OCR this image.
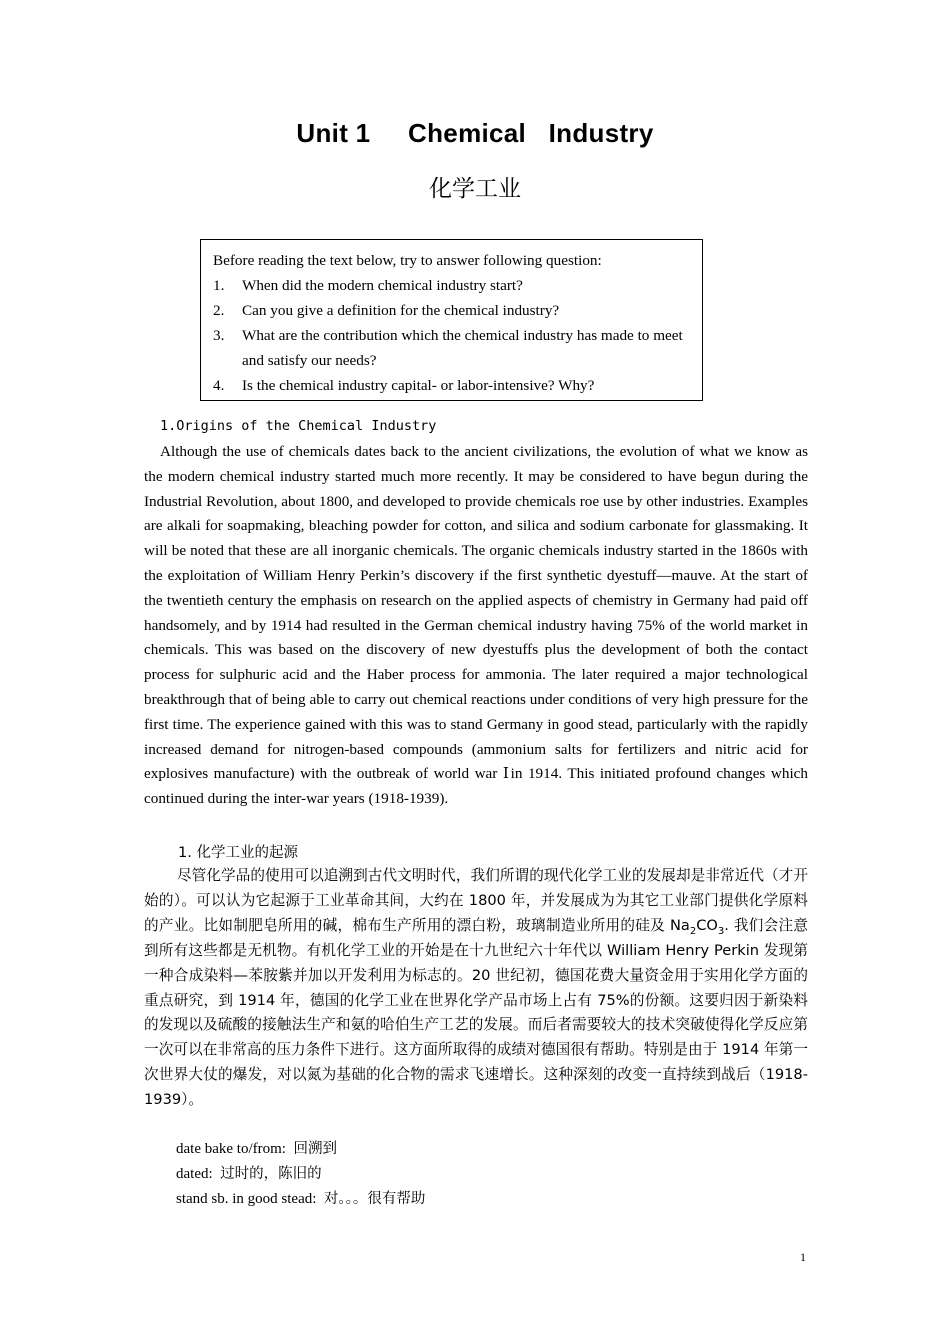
Unit 1     Chemical   Industry
化学工业
Before reading the text below, try to answer following question:
1. When did the modern chemical industry start?
2. Can you give a definition for the chemical industry?
3. What are the contribution which the chemical industry has made to meet and satisfy our needs?
4. Is the chemical industry capital- or labor-intensive? Why?
1.Origins of the Chemical Industry

Although the use of chemicals dates back to the ancient civilizations, the evolution of what we know as the modern chemical industry started much more recently. It may be considered to have begun during the Industrial Revolution, about 1800, and developed to provide chemicals roe use by other industries. Examples are alkali for soapmaking, bleaching powder for cotton, and silica and sodium carbonate for glassmaking. It will be noted that these are all inorganic chemicals. The organic chemicals industry started in the 1860s with the exploitation of William Henry Perkin’s discovery if the first synthetic dyestuff—mauve. At the start of the twentieth century the emphasis on research on the applied aspects of chemistry in Germany had paid off handsomely, and by 1914 had resulted in the German chemical industry having 75% of the world market in chemicals. This was based on the discovery of new dyestuffs plus the development of both the contact process for sulphuric acid and the Haber process for ammonia. The later required a major technological breakthrough that of being able to carry out chemical reactions under conditions of very high pressure for the first time. The experience gained with this was to stand Germany in good stead, particularly with the rapidly increased demand for nitrogen-based compounds (ammonium salts for fertilizers and nitric acid for explosives manufacture) with the outbreak of world war Ⅰin 1914. This initiated profound changes which continued during the inter-war years (1918-1939).

1. 化学工业的起源

尽管化学品的使用可以追溯到古代文明时代，我们所谓的现代化学工业的发展却是非常近代（才开始的）。可以认为它起源于工业革命其间，大约在 1800 年，并发展成为为其它工业部门提供化学原料的产业。比如制肥皂所用的碱，棉布生产所用的漂白粉，玻璃制造业所用的硅及 $Na_2CO_3$. 我们会注意到所有这些都是无机物。有机化学工业的开始是在十九世纪六十年代以 William Henry Perkin 发现第一种合成染料—苯胺紫并加以开发利用为标志的。20 世纪初，德国花费大量资金用于实用化学方面的重点研究，到 1914 年，德国的化学工业在世界化学产品市场上占有 75%的份额。这要归因于新染料的发现以及硫酸的接触法生产和氨的哈伯生产工艺的发展。而后者需要较大的技术突破使得化学反应第一次可以在非常高的压力条件下进行。这方面所取得的成绩对德国很有帮助。特别是由于 1914 年第一次世界大仗的爆发，对以氮为基础的化合物的需求飞速增长。这种深刻的改变一直持续到战后（1918-1939）。

date bake to/from: 回溯到
dated: 过时的，陈旧的
stand sb. in good stead: 对。。。很有帮助
1
